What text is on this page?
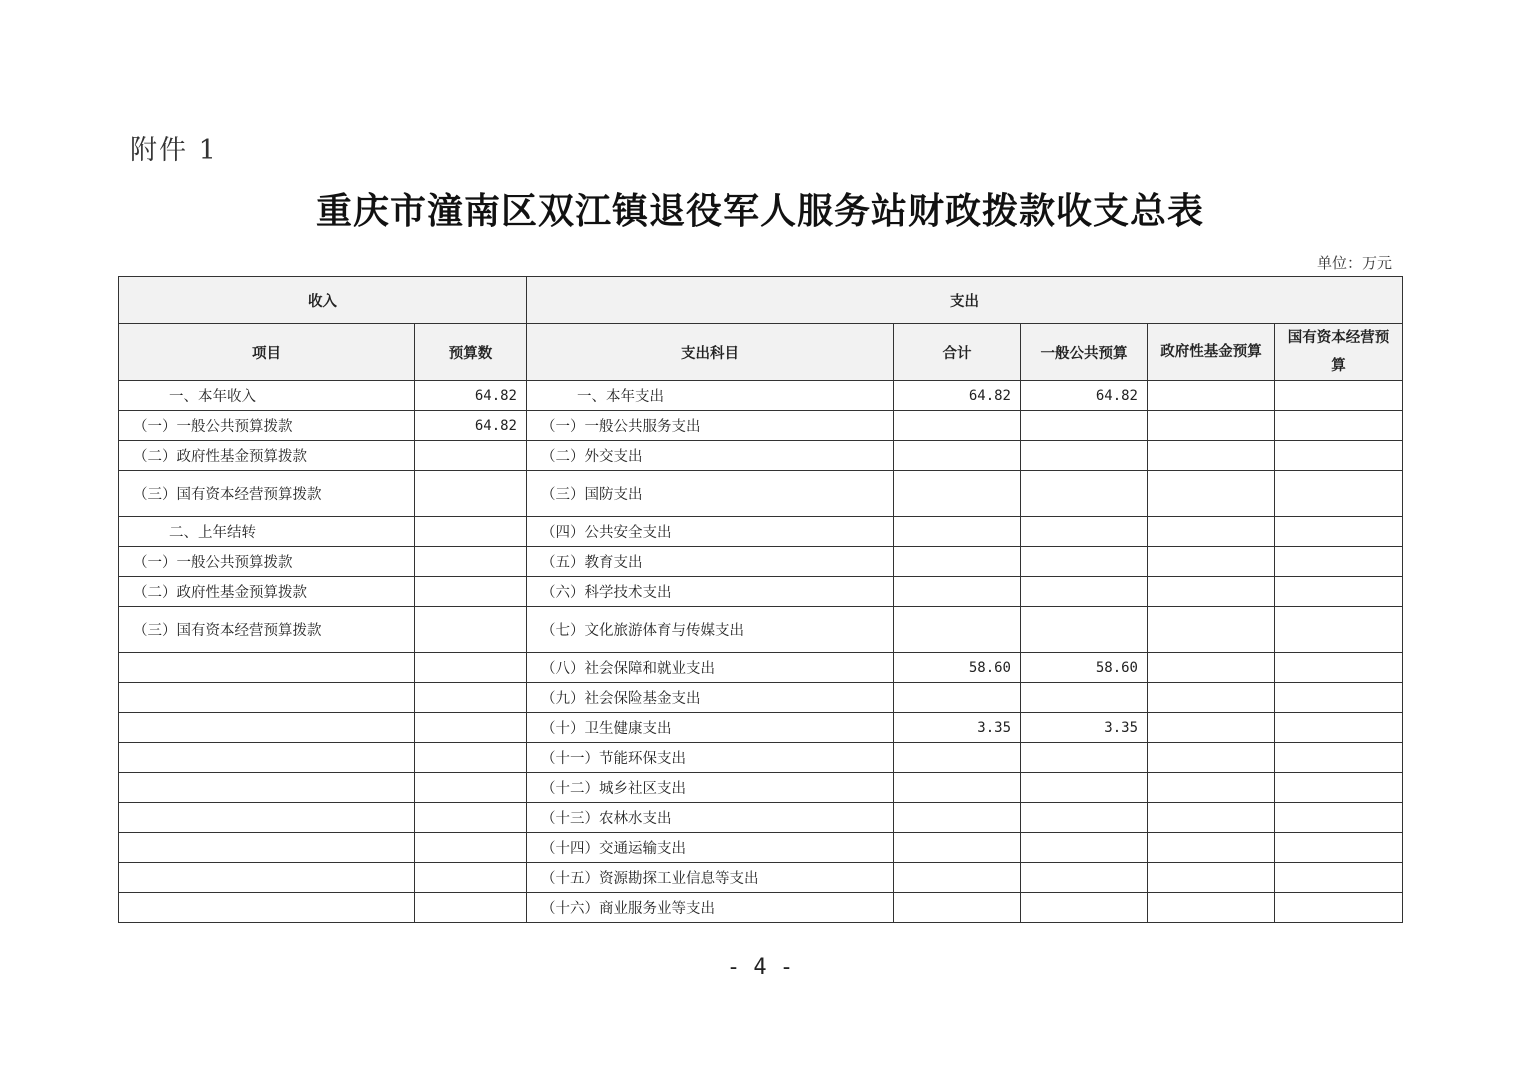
附件 1
重庆市潼南区双江镇退役军人服务站财政拨款收支总表
单位：万元
收入		支出				
项目	预算数	支出科目	合计	一般公共预算	政府性基金预算	国有资本经营预算
一、本年收入	64.82	一、本年支出	64.82	64.82		
（一）一般公共预算拨款	64.82	（一）一般公共服务支出				
（二）政府性基金预算拨款		（二）外交支出				
（三）国有资本经营预算拨款		（三）国防支出				
二、上年结转		（四）公共安全支出				
（一）一般公共预算拨款		（五）教育支出				
（二）政府性基金预算拨款		（六）科学技术支出				
（三）国有资本经营预算拨款		（七）文化旅游体育与传媒支出				
		（八）社会保障和就业支出	58.60	58.60		
		（九）社会保险基金支出				
		（十）卫生健康支出	3.35	3.35		
		（十一）节能环保支出				
		（十二）城乡社区支出				
		（十三）农林水支出				
		（十四）交通运输支出				
		（十五）资源勘探工业信息等支出				
		（十六）商业服务业等支出				
- 4 -
